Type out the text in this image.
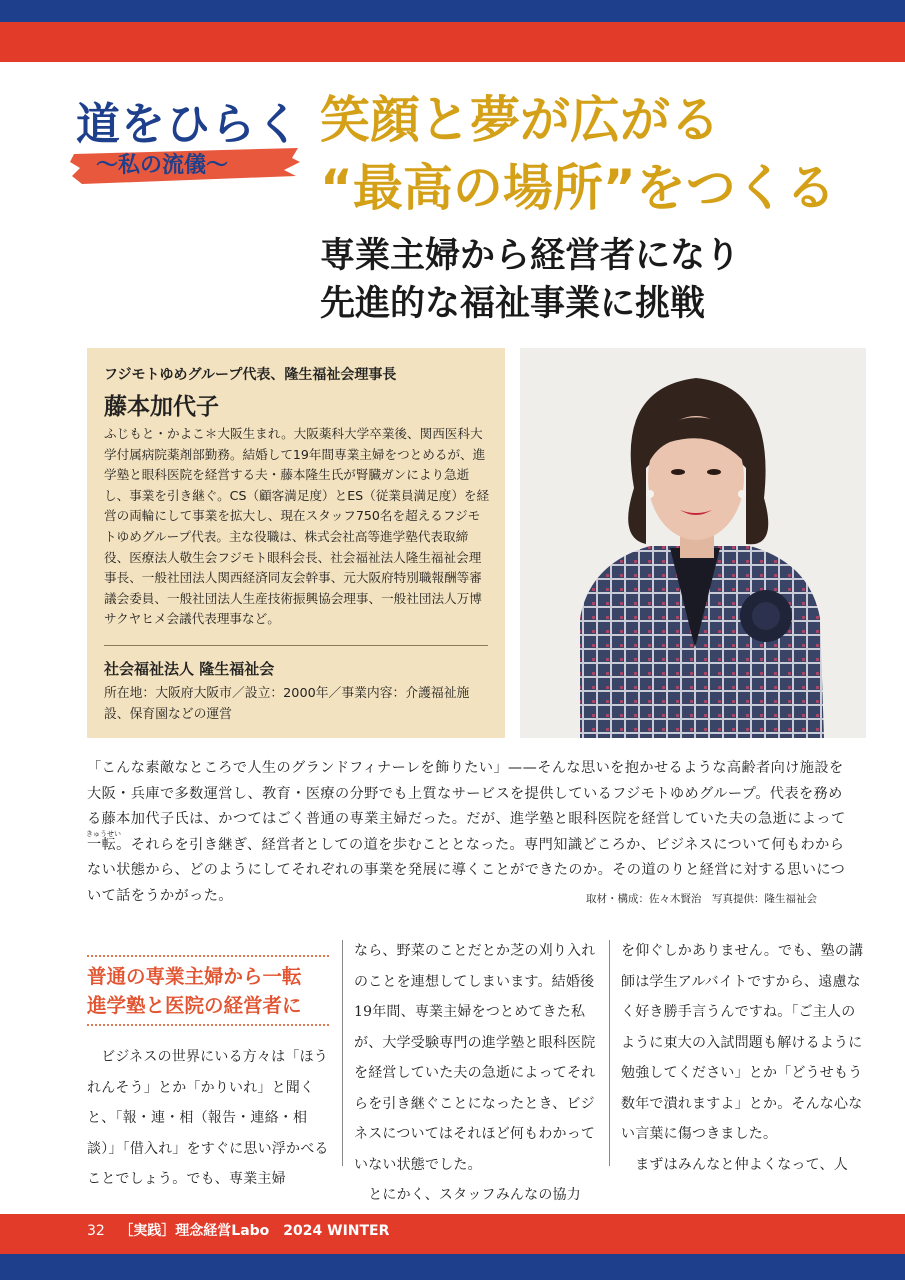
道をひらく
〜私の流儀〜
笑顔と夢が広がる
“最高の場所”をつくる
専業主婦から経営者になり
先進的な福祉事業に挑戦
フジモトゆめグループ代表、隆生福祉会理事長
藤本加代子
ふじもと・かよこ＊大阪生まれ。大阪薬科大学卒業後、関西医科大学付属病院薬剤部勤務。結婚して19年間専業主婦をつとめるが、進学塾と眼科医院を経営する夫・藤本隆生氏が腎臓ガンにより急逝し、事業を引き継ぐ。CS（顧客満足度）とES（従業員満足度）を経営の両輪にして事業を拡大し、現在スタッフ750名を超えるフジモトゆめグループ代表。主な役職は、株式会社高等進学塾代表取締役、医療法人敬生会フジモト眼科会長、社会福祉法人隆生福祉会理事長、一般社団法人関西経済同友会幹事、元大阪府特別職報酬等審議会委員、一般社団法人生産技術振興協会理事、一般社団法人万博サクヤヒメ会議代表理事など。
社会福祉法人 隆生福祉会
所在地：大阪府大阪市／設立：2000年／事業内容：介護福祉施設、保育園などの運営
「こんな素敵なところで人生のグランドフィナーレを飾りたい」——そんな思いを抱かせるような高齢者向け施設を大阪・兵庫で多数運営し、教育・医療の分野でも上質なサービスを提供しているフジモトゆめグループ。代表を務める藤本加代子氏は、かつてはごく普通の専業主婦だった。だが、進学塾と眼科医院を経営していた夫の急逝によって一転。それらを引き継ぎ、経営者としての道を歩むこととなった。専門知識どころか、ビジネスについて何もわからない状態から、どのようにしてそれぞれの事業を発展に導くことができたのか。その道のりと経営に対する思いについて話をうかがった。
きゅうせい
取材・構成：佐々木賢治　写真提供：隆生福祉会
普通の専業主婦から一転
進学塾と医院の経営者に
　ビジネスの世界にいる方々は「ほうれんそう」とか「かりいれ」と聞くと、「報・連・相（報告・連絡・相談）」「借入れ」をすぐに思い浮かべることでしょう。でも、専業主婦
なら、野菜のことだとか芝の刈り入れのことを連想してしまいます。結婚後19年間、専業主婦をつとめてきた私が、大学受験専門の進学塾と眼科医院を経営していた夫の急逝によってそれらを引き継ぐことになったとき、ビジネスについてはそれほど何もわかっていない状態でした。
　とにかく、スタッフみんなの協力
を仰ぐしかありません。でも、塾の講師は学生アルバイトですから、遠慮なく好き勝手言うんですね。「ご主人のように東大の入試問題も解けるように勉強してください」とか「どうせもう数年で潰れますよ」とか。そんな心ない言葉に傷つきました。
　まずはみんなと仲よくなって、人
32 ［実践］理念経営Labo　2024 WINTER
